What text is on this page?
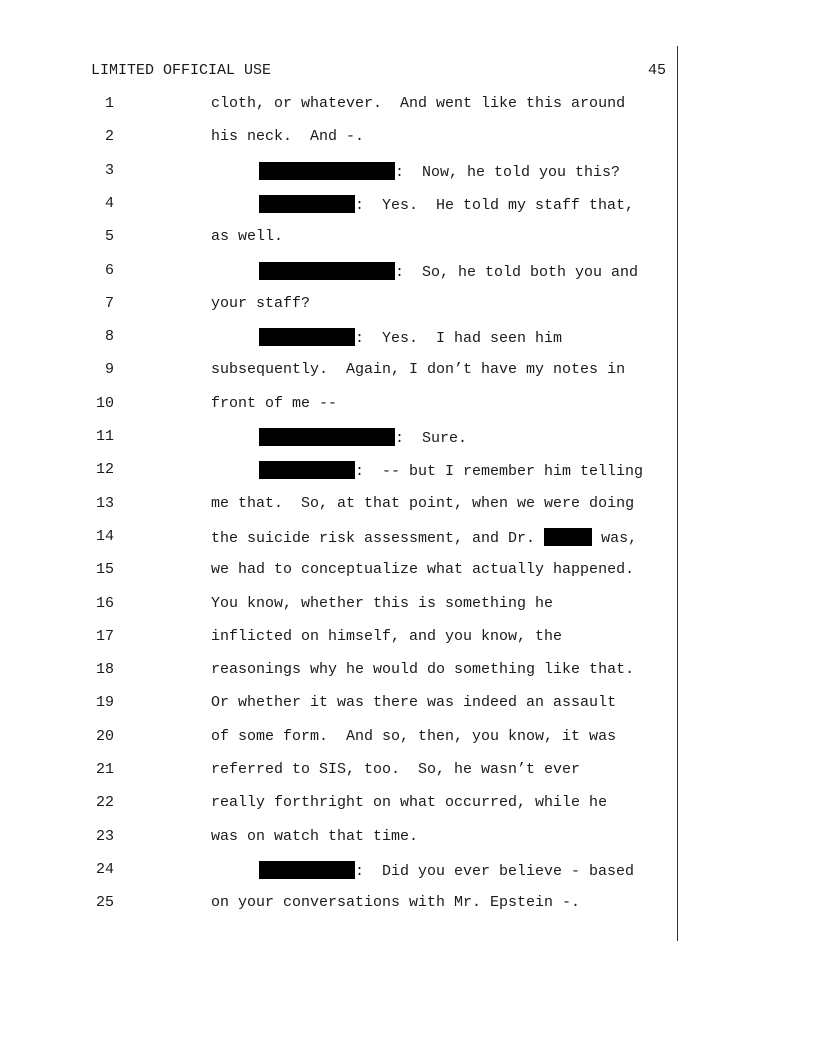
LIMITED OFFICIAL USE	45
1	cloth, or whatever.  And went like this around
2	his neck.  And -.
3	:  Now, he told you this?
4	:  Yes.  He told my staff that,
5	as well.
6	:  So, he told both you and
7	your staff?
8	:  Yes.  I had seen him
9	subsequently.  Again, I don’t have my notes in
10	front of me --
11	:  Sure.
12	:  -- but I remember him telling
13	me that.  So, at that point, when we were doing
14	the suicide risk assessment, and Dr.	was,
15	we had to conceptualize what actually happened.
16	You know, whether this is something he
17	inflicted on himself, and you know, the
18	reasonings why he would do something like that.
19	Or whether it was there was indeed an assault
20	of some form.  And so, then, you know, it was
21	referred to SIS, too.  So, he wasn’t ever
22	really forthright on what occurred, while he
23	was on watch that time.
24	:  Did you ever believe - based
25	on your conversations with Mr. Epstein -.
